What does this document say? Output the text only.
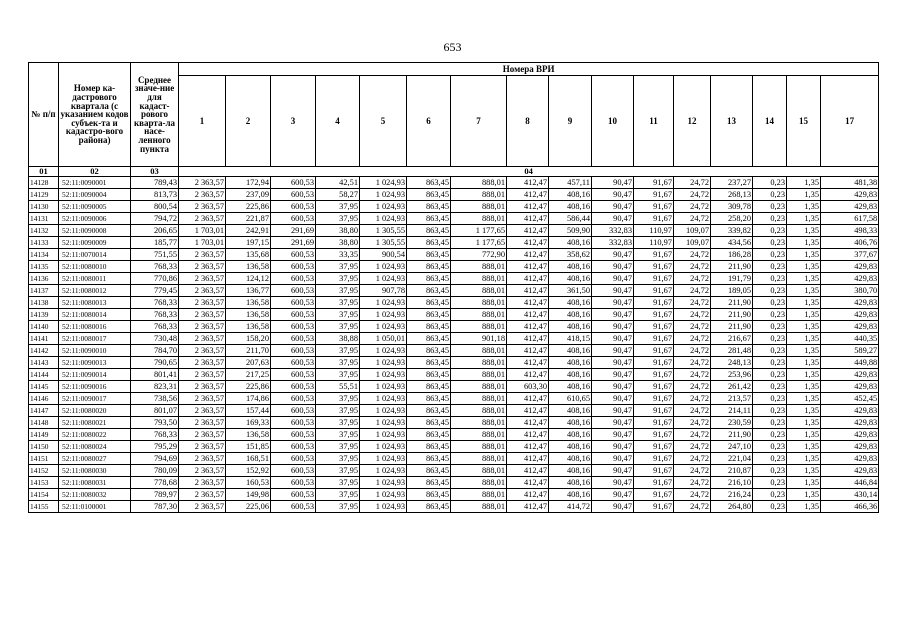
653
№ п/п	Номер ка-дастрового квартала (с указанием кодов субъек-та и кадастро-вого района)	Среднее значе-ние для кадаст-рового кварта-ла насе-ленного пункта	Номера ВРИ															
			1	2	3	4	5	6	7	8	9	10	11	12	13	14	15	17
01	02	03	04															
14128	52:11:0090001	789,43	2 363,57	172,94	600,53	42,51	1 024,93	863,45	888,01	412,47	457,11	90,47	91,67	24,72	237,27	0,23	1,35	481,38
14129	52:11:0090004	813,73	2 363,57	237,09	600,53	58,27	1 024,93	863,45	888,01	412,47	408,16	90,47	91,67	24,72	268,13	0,23	1,35	429,83
14130	52:11:0090005	800,54	2 363,57	225,86	600,53	37,95	1 024,93	863,45	888,01	412,47	408,16	90,47	91,67	24,72	309,78	0,23	1,35	429,83
14131	52:11:0090006	794,72	2 363,57	221,87	600,53	37,95	1 024,93	863,45	888,01	412,47	586,44	90,47	91,67	24,72	258,20	0,23	1,35	617,58
14132	52:11:0090008	206,65	1 703,01	242,91	291,69	38,80	1 305,55	863,45	1 177,65	412,47	509,90	332,83	110,97	109,07	339,82	0,23	1,35	498,33
14133	52:11:0090009	185,77	1 703,01	197,15	291,69	38,80	1 305,55	863,45	1 177,65	412,47	408,16	332,83	110,97	109,07	434,56	0,23	1,35	406,76
14134	52:11:0070014	751,55	2 363,57	135,68	600,53	33,35	900,54	863,45	772,90	412,47	358,62	90,47	91,67	24,72	186,28	0,23	1,35	377,67
14135	52:11:0080010	768,33	2 363,57	136,58	600,53	37,95	1 024,93	863,45	888,01	412,47	408,16	90,47	91,67	24,72	211,90	0,23	1,35	429,83
14136	52:11:0080011	770,86	2 363,57	124,12	600,53	37,95	1 024,93	863,45	888,01	412,47	408,16	90,47	91,67	24,72	191,79	0,23	1,35	429,83
14137	52:11:0080012	779,45	2 363,57	136,77	600,53	37,95	907,78	863,45	888,01	412,47	361,50	90,47	91,67	24,72	189,05	0,23	1,35	380,70
14138	52:11:0080013	768,33	2 363,57	136,58	600,53	37,95	1 024,93	863,45	888,01	412,47	408,16	90,47	91,67	24,72	211,90	0,23	1,35	429,83
14139	52:11:0080014	768,33	2 363,57	136,58	600,53	37,95	1 024,93	863,45	888,01	412,47	408,16	90,47	91,67	24,72	211,90	0,23	1,35	429,83
14140	52:11:0080016	768,33	2 363,57	136,58	600,53	37,95	1 024,93	863,45	888,01	412,47	408,16	90,47	91,67	24,72	211,90	0,23	1,35	429,83
14141	52:11:0080017	730,48	2 363,57	158,20	600,53	38,88	1 050,01	863,45	901,18	412,47	418,15	90,47	91,67	24,72	216,67	0,23	1,35	440,35
14142	52:11:0090010	784,70	2 363,57	211,70	600,53	37,95	1 024,93	863,45	888,01	412,47	408,16	90,47	91,67	24,72	281,48	0,23	1,35	589,27
14143	52:11:0090013	790,65	2 363,57	207,63	600,53	37,95	1 024,93	863,45	888,01	412,47	408,16	90,47	91,67	24,72	248,13	0,23	1,35	449,88
14144	52:11:0090014	801,41	2 363,57	217,25	600,53	37,95	1 024,93	863,45	888,01	412,47	408,16	90,47	91,67	24,72	253,96	0,23	1,35	429,83
14145	52:11:0090016	823,31	2 363,57	225,86	600,53	55,51	1 024,93	863,45	888,01	603,30	408,16	90,47	91,67	24,72	261,42	0,23	1,35	429,83
14146	52:11:0090017	738,56	2 363,57	174,86	600,53	37,95	1 024,93	863,45	888,01	412,47	610,65	90,47	91,67	24,72	213,57	0,23	1,35	452,45
14147	52:11:0080020	801,07	2 363,57	157,44	600,53	37,95	1 024,93	863,45	888,01	412,47	408,16	90,47	91,67	24,72	214,11	0,23	1,35	429,83
14148	52:11:0080021	793,50	2 363,57	169,33	600,53	37,95	1 024,93	863,45	888,01	412,47	408,16	90,47	91,67	24,72	230,59	0,23	1,35	429,83
14149	52:11:0080022	768,33	2 363,57	136,58	600,53	37,95	1 024,93	863,45	888,01	412,47	408,16	90,47	91,67	24,72	211,90	0,23	1,35	429,83
14150	52:11:0080024	795,29	2 363,57	151,85	600,53	37,95	1 024,93	863,45	888,01	412,47	408,16	90,47	91,67	24,72	247,10	0,23	1,35	429,83
14151	52:11:0080027	794,69	2 363,57	168,51	600,53	37,95	1 024,93	863,45	888,01	412,47	408,16	90,47	91,67	24,72	221,04	0,23	1,35	429,83
14152	52:11:0080030	780,09	2 363,57	152,92	600,53	37,95	1 024,93	863,45	888,01	412,47	408,16	90,47	91,67	24,72	210,87	0,23	1,35	429,83
14153	52:11:0080031	778,68	2 363,57	160,53	600,53	37,95	1 024,93	863,45	888,01	412,47	408,16	90,47	91,67	24,72	216,10	0,23	1,35	446,84
14154	52:11:0080032	789,97	2 363,57	149,98	600,53	37,95	1 024,93	863,45	888,01	412,47	408,16	90,47	91,67	24,72	216,24	0,23	1,35	430,14
14155	52:11:0100001	787,30	2 363,57	225,06	600,53	37,95	1 024,93	863,45	888,01	412,47	414,72	90,47	91,67	24,72	264,80	0,23	1,35	466,36
